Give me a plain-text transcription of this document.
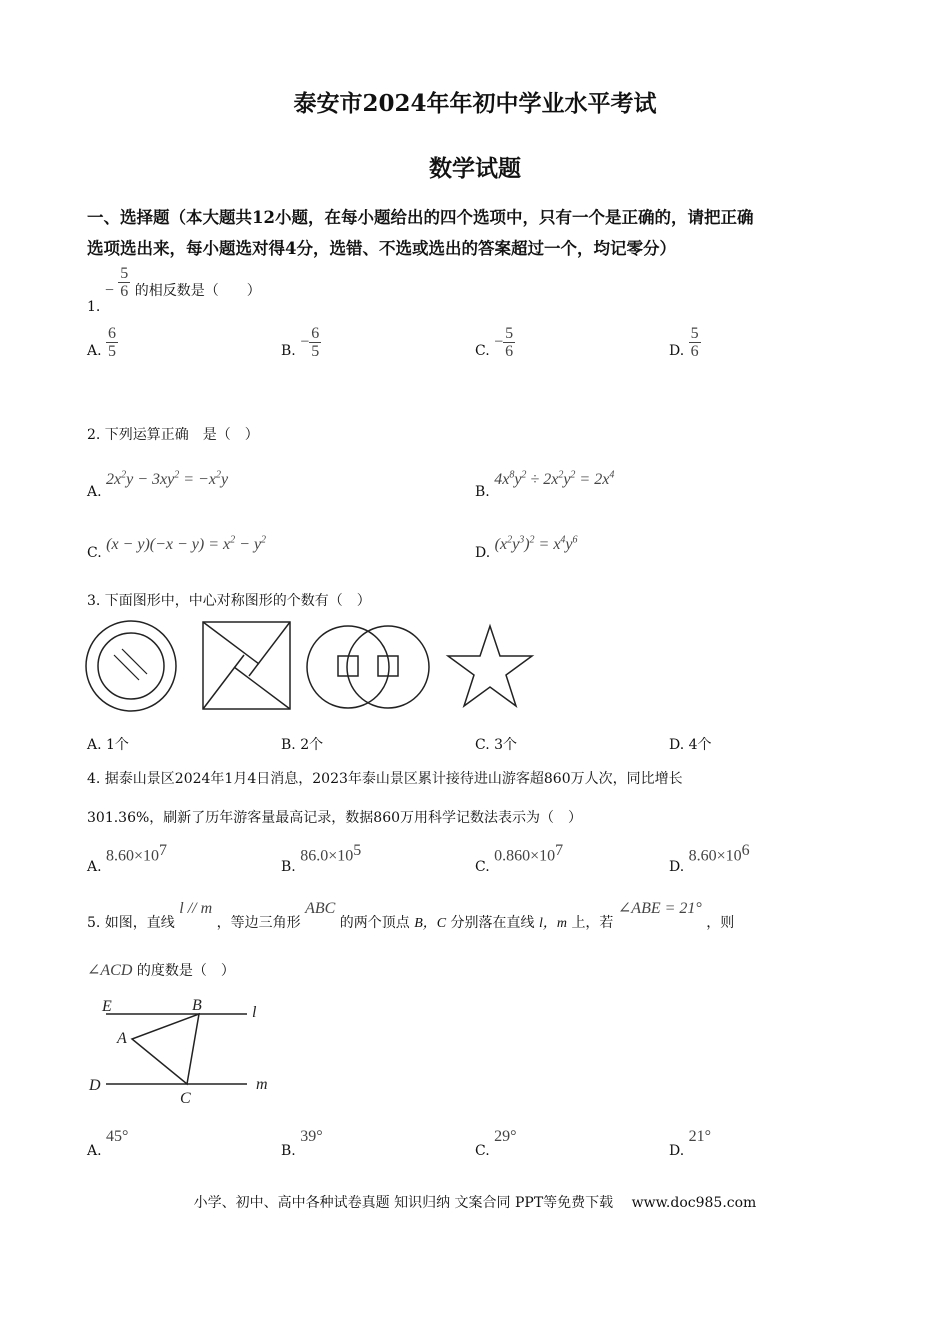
泰安市2024年年初中学业水平考试
数学试题
一、选择题（本大题共12小题，在每小题给出的四个选项中，只有一个是正确的，请把正确
选项选出来，每小题选对得4分，选错、不选或选出的答案超过一个，均记零分）
1. − $\frac{5}{6}$ 的相反数是（　　）
A. $\frac{6}{5}$	B. − $\frac{6}{5}$	C. − $\frac{5}{6}$	D. $\frac{5}{6}$
2. 下列运算正确　是（　）
A. $2x^2y - 3xy^2 = -x^2y$
B. $4x^8y^2 \div 2x^2y^2 = 2x^4$
C. $(x - y)(-x - y) = x^2 - y^2$
D. $(x^2y^3)^2 = x^4y^6$
3. 下面图形中，中心对称图形的个数有（　）
A. 1个	B. 2个	C. 3个	D. 4个
4. 据泰山景区2024年1月4日消息，2023年泰山景区累计接待进山游客超860万人次，同比增长
301.36%，刷新了历年游客量最高记录，数据860万用科学记数法表示为（　）
A. $8.60\times 10^7$
B. $86.0\times 10^5$
C. $0.860\times 10^7$
D. $8.60\times 10^6$
5. 如图，直线 l // m ，等边三角形 ABC 的两个顶点 B，C 分别落在直线 l，m 上，若 ∠ABE = 21° ，则
∠ACD 的度数是（　）
E	B	l
A
D
C
m
A. 45°
B. 39°
C. 29°
D. 21°
小学、初中、高中各种试卷真题 知识归纳 文案合同 PPT等免费下载　 www.doc985.com
